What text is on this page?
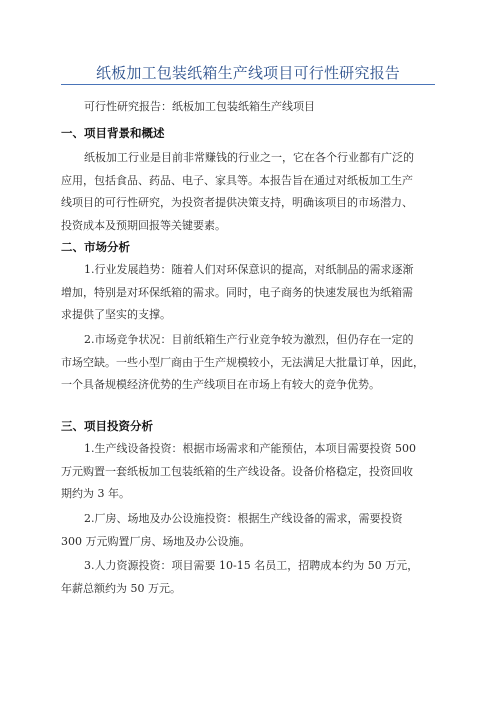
纸板加工包装纸箱生产线项目可行性研究报告
可行性研究报告：纸板加工包装纸箱生产线项目
一、项目背景和概述
纸板加工行业是目前非常赚钱的行业之一，它在各个行业都有广泛的
应用，包括食品、药品、电子、家具等。本报告旨在通过对纸板加工生产
线项目的可行性研究，为投资者提供决策支持，明确该项目的市场潜力、
投资成本及预期回报等关键要素。
二、市场分析
1.行业发展趋势：随着人们对环保意识的提高，对纸制品的需求逐渐
增加，特别是对环保纸箱的需求。同时，电子商务的快速发展也为纸箱需
求提供了坚实的支撑。
2.市场竞争状况：目前纸箱生产行业竞争较为激烈，但仍存在一定的
市场空缺。一些小型厂商由于生产规模较小，无法满足大批量订单，因此，
一个具备规模经济优势的生产线项目在市场上有较大的竞争优势。
三、项目投资分析
1.生产线设备投资：根据市场需求和产能预估，本项目需要投资 500
万元购置一套纸板加工包装纸箱的生产线设备。设备价格稳定，投资回收
期约为 3 年。
2.厂房、场地及办公设施投资：根据生产线设备的需求，需要投资
300 万元购置厂房、场地及办公设施。
3.人力资源投资：项目需要 10-15 名员工，招聘成本约为 50 万元，
年薪总额约为 50 万元。
